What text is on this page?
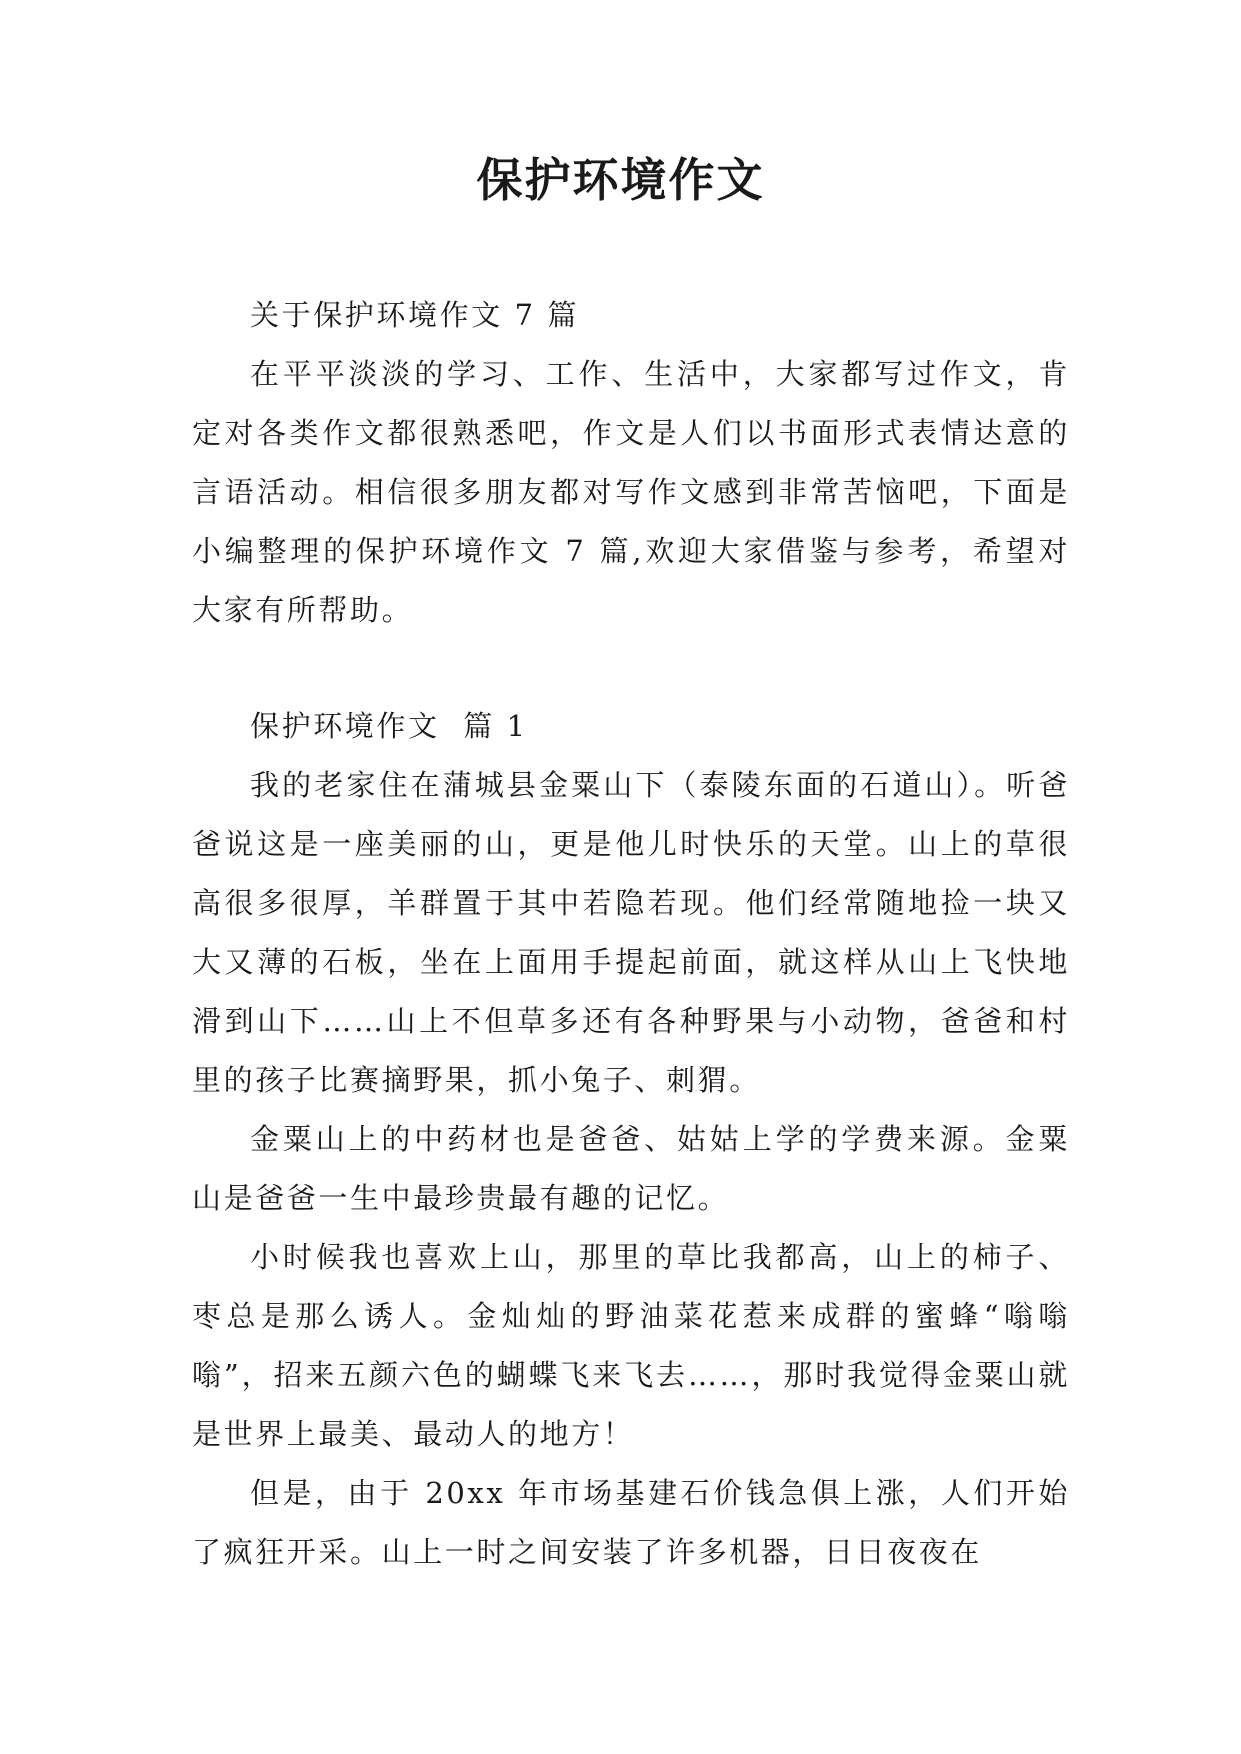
保护环境作文

关于保护环境作文 7 篇

在平平淡淡的学习、工作、生活中，大家都写过作文，肯定对各类作文都很熟悉吧，作文是人们以书面形式表情达意的言语活动。相信很多朋友都对写作文感到非常苦恼吧，下面是小编整理的保护环境作文 7 篇,欢迎大家借鉴与参考，希望对大家有所帮助。

保护环境作文  篇 1

我的老家住在蒲城县金粟山下（泰陵东面的石道山）。听爸爸说这是一座美丽的山，更是他儿时快乐的天堂。山上的草很高很多很厚，羊群置于其中若隐若现。他们经常随地捡一块又大又薄的石板，坐在上面用手提起前面，就这样从山上飞快地滑到山下……山上不但草多还有各种野果与小动物，爸爸和村里的孩子比赛摘野果，抓小兔子、刺猬。

金粟山上的中药材也是爸爸、姑姑上学的学费来源。金粟山是爸爸一生中最珍贵最有趣的记忆。

小时候我也喜欢上山，那里的草比我都高，山上的柿子、枣总是那么诱人。金灿灿的野油菜花惹来成群的蜜蜂“嗡嗡嗡”，招来五颜六色的蝴蝶飞来飞去……，那时我觉得金粟山就是世界上最美、最动人的地方！

但是，由于 20xx 年市场基建石价钱急俱上涨，人们开始了疯狂开采。山上一时之间安装了许多机器，日日夜夜在
